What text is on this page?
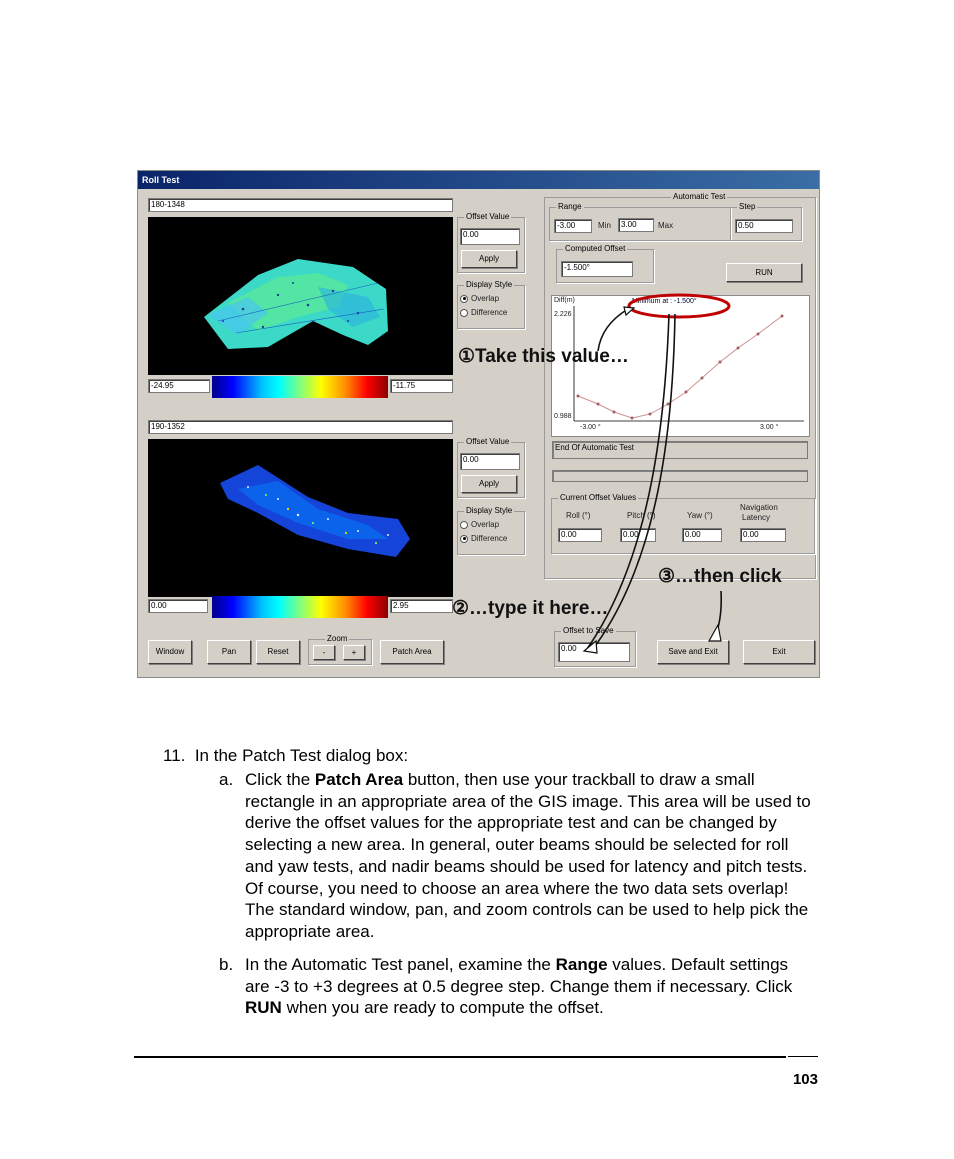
Roll Test
180-1348
-24.95	-11.75
Offset Value
0.00
Apply
Display Style
Overlap
Difference
190-1352
0.00	2.95
Offset Value
0.00
Apply
Display Style
Overlap
Difference
Automatic Test
Range
-3.00	Min	3.00	Max
Step
0.50
Computed Offset
-1.500°
RUN
Diff(m)
2.226
0.988
Minimum at : -1.500°
-3.00 °	3.00 °
End Of Automatic Test
Current Offset Values
Roll (°)	Pitch (°)	Yaw (°)
Navigation
Latency
0.00	0.00	0.00	0.00
Window	Pan	Reset
Zoom
-	+	Patch Area
Offset to Save
0.00	Save and Exit	Exit
①Take this value…
②…type it here…
③…then click
11. In the Patch Test dialog box:
a. Click the Patch Area button, then use your trackball to draw a small rectangle in an appropriate area of the GIS image. This area will be used to derive the offset values for the appropriate test and can be changed by selecting a new area. In general, outer beams should be selected for roll and yaw tests, and nadir beams should be used for latency and pitch tests. Of course, you need to choose an area where the two data sets overlap! The standard window, pan, and zoom controls can be used to help pick the appropriate area.
b. In the Automatic Test panel, examine the Range values. Default settings are -3 to +3 degrees at 0.5 degree step. Change them if necessary. Click RUN when you are ready to compute the offset.
103
